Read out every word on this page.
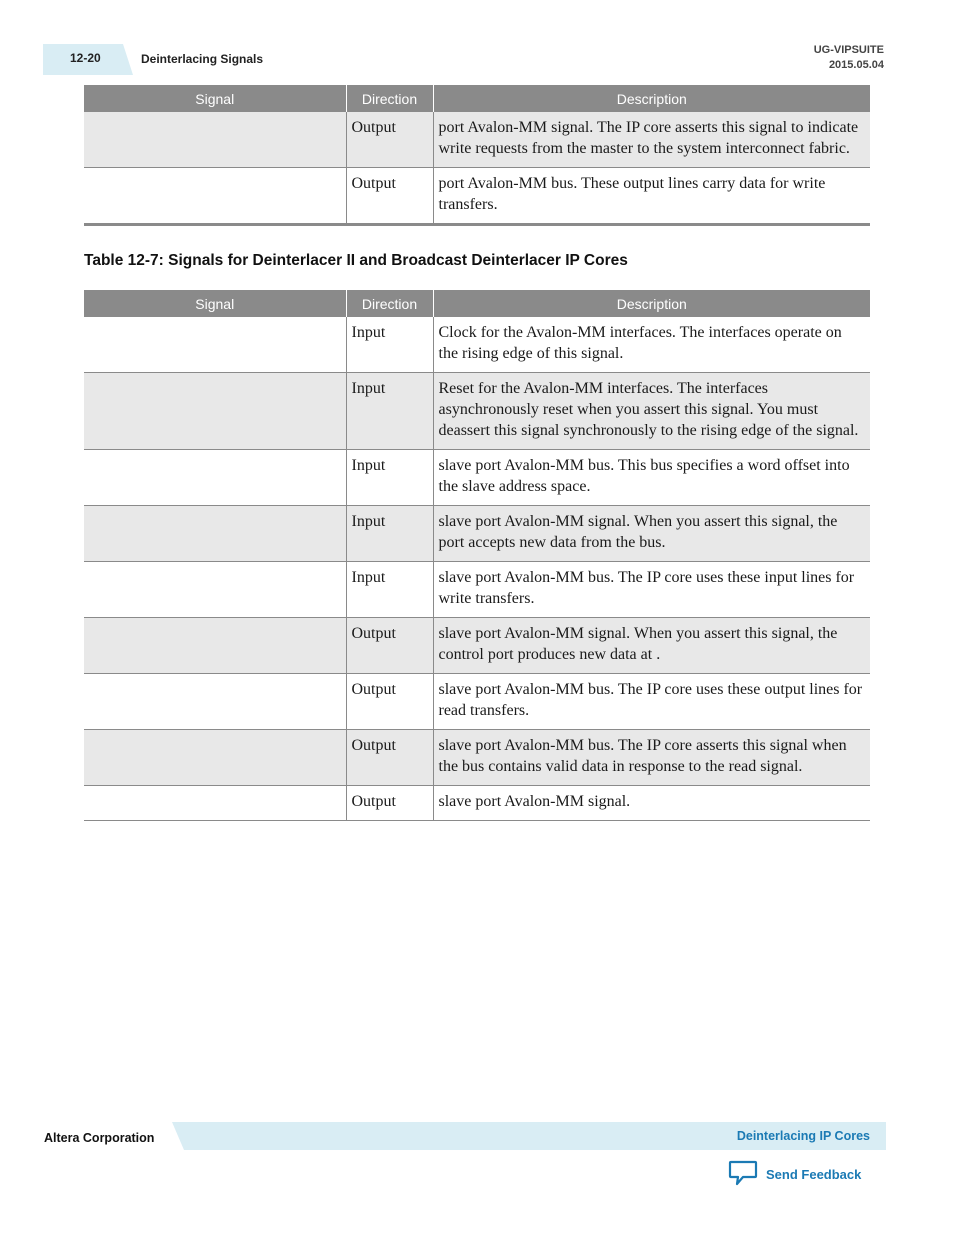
12-20	Deinterlacing Signals
UG-VIPSUITE
2015.05.04
Signal	Direction	Description
	Output	port Avalon-MM signal. The IP core asserts this signal to indicate write requests from the master to the system interconnect fabric.
	Output	port Avalon-MM bus. These output lines carry data for write transfers.
Table 12-7: Signals for Deinterlacer II and Broadcast Deinterlacer IP Cores
Signal	Direction	Description
	Input	Clock for the Avalon-MM interfaces. The interfaces operate on the rising edge of this signal.
	Input	Reset for the Avalon-MM interfaces. The interfaces asynchronously reset when you assert this signal. You must deassert this signal synchronously to the rising edge of the signal.
	Input	slave port Avalon-MM bus. This bus specifies a word offset into the slave address space.
	Input	slave port Avalon-MM signal. When you assert this signal, the port accepts new data from the bus.
	Input	slave port Avalon-MM bus. The IP core uses these input lines for write transfers.
	Output	slave port Avalon-MM signal. When you assert this signal, the control port produces new data at .
	Output	slave port Avalon-MM bus. The IP core uses these output lines for read transfers.
	Output	slave port Avalon-MM bus. The IP core asserts this signal when the bus contains valid data in response to the read signal.
	Output	slave port Avalon-MM signal.
Altera Corporation	Deinterlacing IP Cores
Send Feedback
